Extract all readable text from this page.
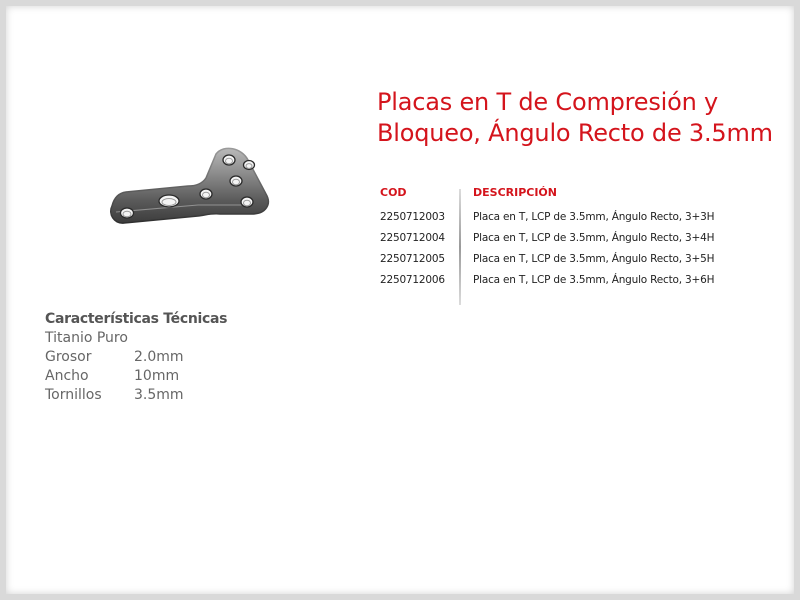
Placas en T de Compresión y
Bloqueo, Ángulo Recto de 3.5mm
COD	DESCRIPCIÓN
2250712003	Placa en T, LCP de 3.5mm, Ángulo Recto, 3+3H
2250712004	Placa en T, LCP de 3.5mm, Ángulo Recto, 3+4H
2250712005	Placa en T, LCP de 3.5mm, Ángulo Recto, 3+5H
2250712006	Placa en T, LCP de 3.5mm, Ángulo Recto, 3+6H
Características Técnicas
Titanio Puro
Grosor	2.0mm
Ancho	10mm
Tornillos 3.5mm
